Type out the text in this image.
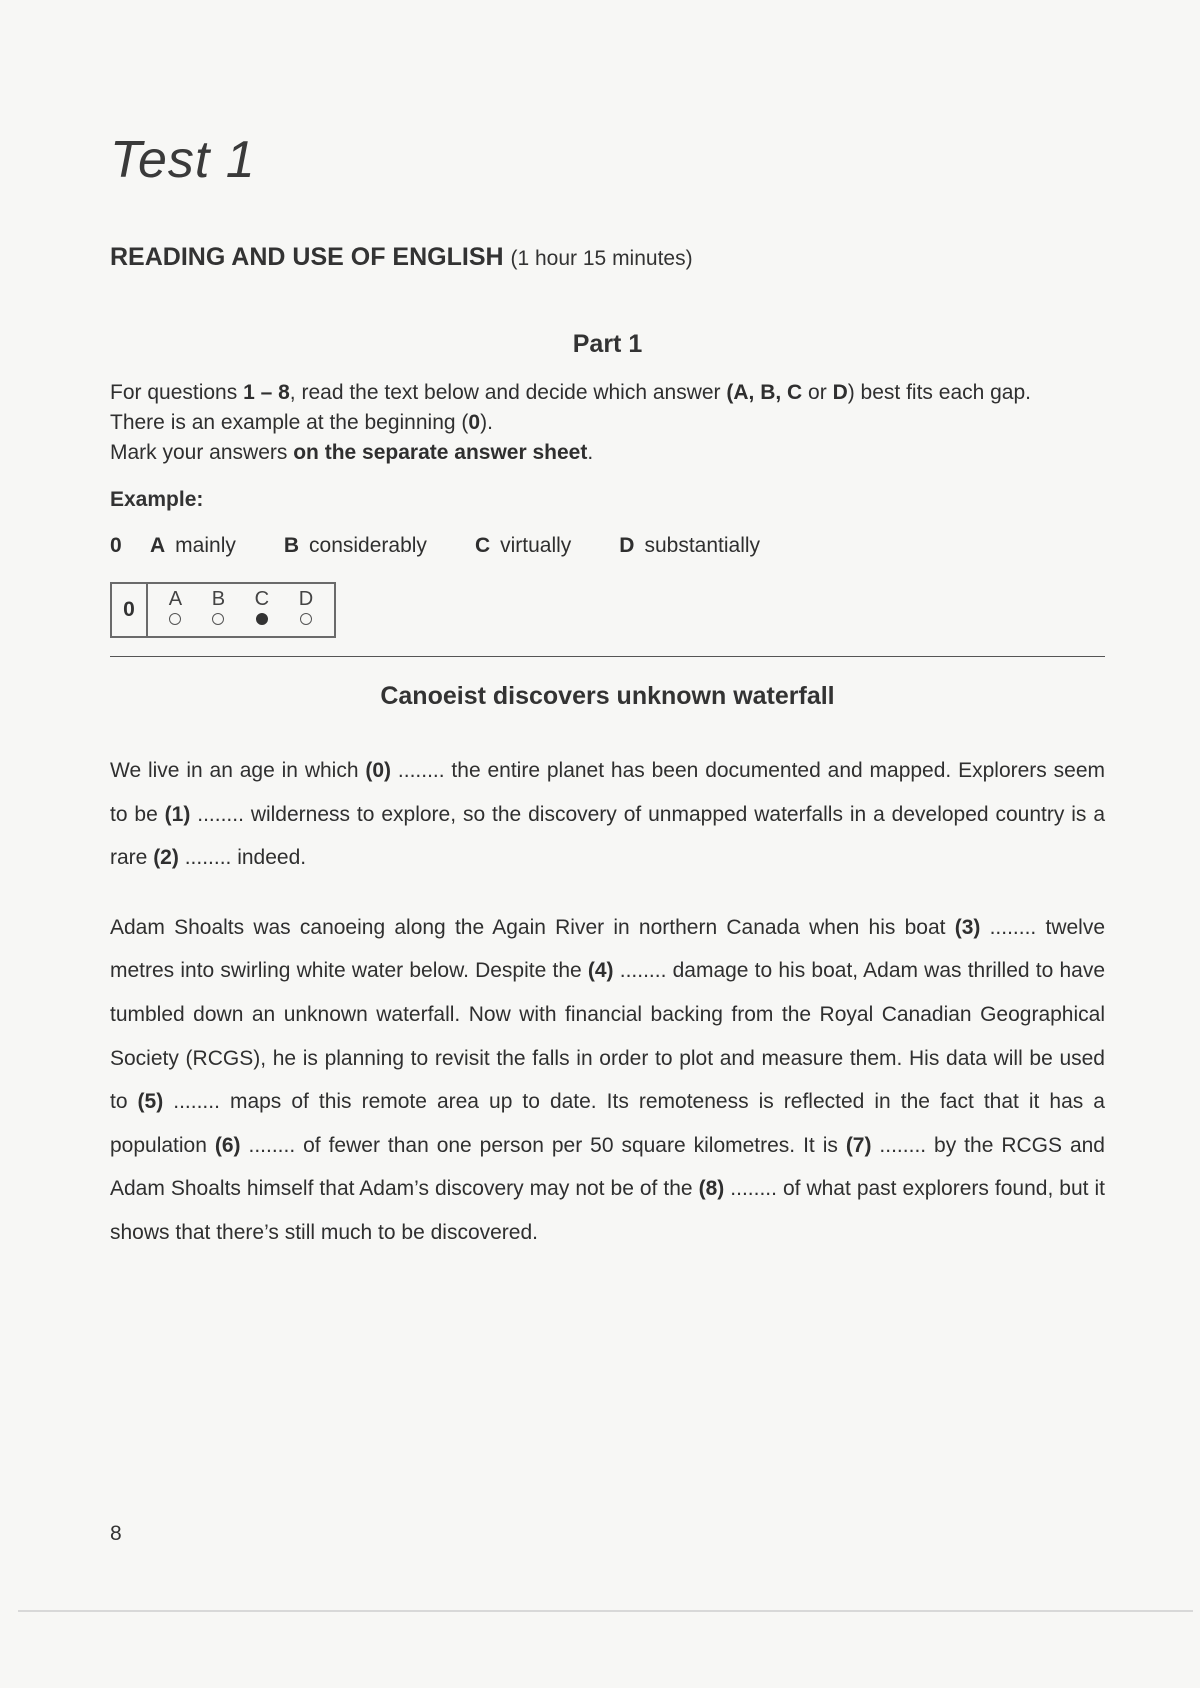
Test 1
READING AND USE OF ENGLISH (1 hour 15 minutes)
Part 1

For questions 1 – 8, read the text below and decide which answer (A, B, C or D) best fits each gap.

There is an example at the beginning (0).

Mark your answers on the separate answer sheet.

Example:

0	A mainly B considerably C virtually D substantially
0	A B C D
Canoeist discovers unknown waterfall

We live in an age in which (0) ........ the entire planet has been documented and mapped. Explorers seem to be (1) ........ wilderness to explore, so the discovery of unmapped waterfalls in a developed country is a rare (2) ........ indeed.

Adam Shoalts was canoeing along the Again River in northern Canada when his boat (3) ........ twelve metres into swirling white water below. Despite the (4) ........ damage to his boat, Adam was thrilled to have tumbled down an unknown waterfall. Now with financial backing from the Royal Canadian Geographical Society (RCGS), he is planning to revisit the falls in order to plot and measure them. His data will be used to (5) ........ maps of this remote area up to date. Its remoteness is reflected in the fact that it has a population (6) ........ of fewer than one person per 50 square kilometres. It is (7) ........ by the RCGS and Adam Shoalts himself that Adam’s discovery may not be of the (8) ........ of what past explorers found, but it shows that there’s still much to be discovered.

8
